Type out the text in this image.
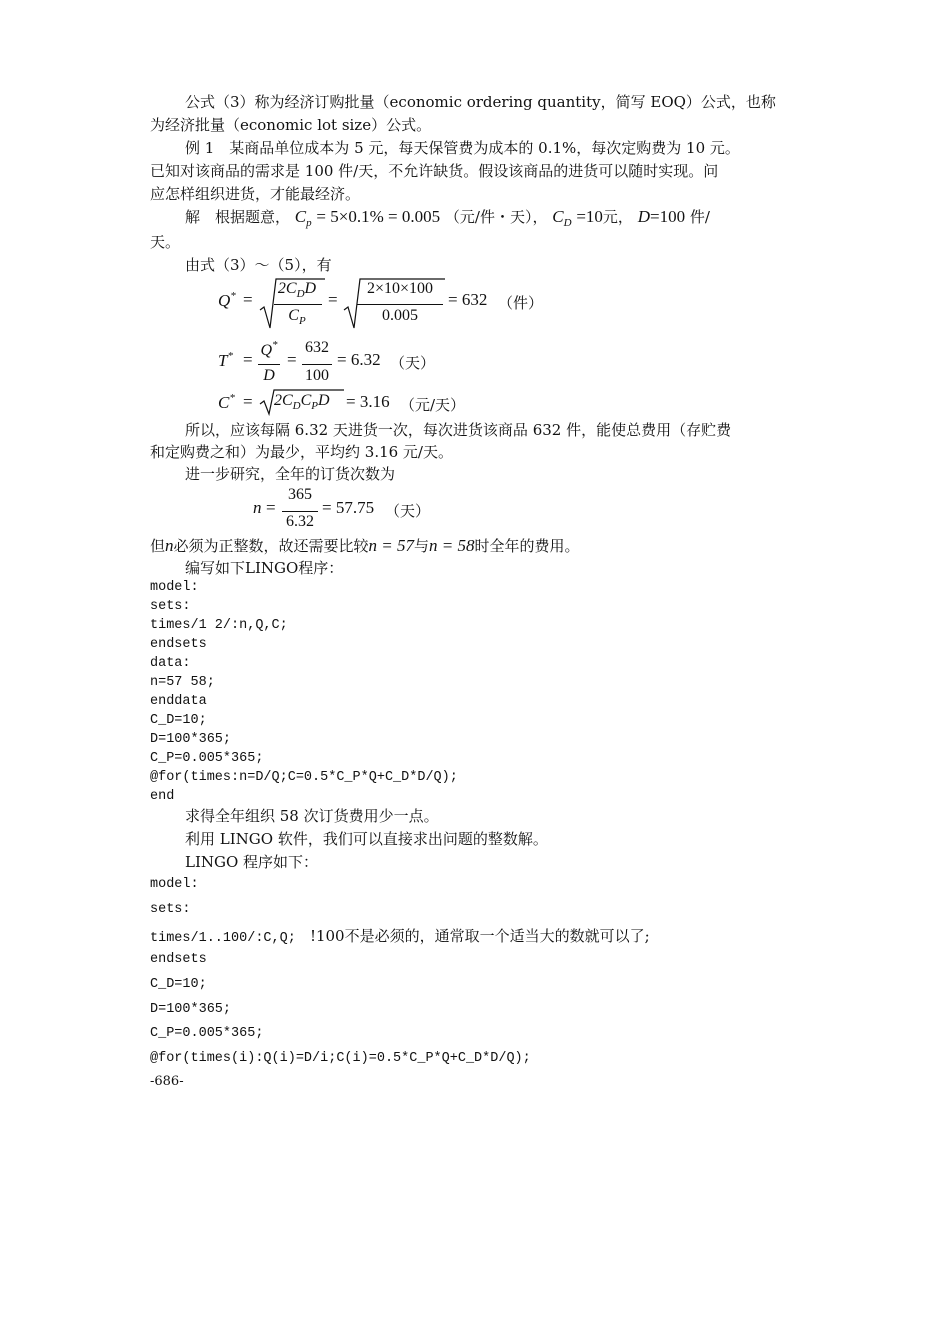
公式（3）称为经济订购批量（economic ordering quantity，简写 EOQ）公式，也称
为经济批量（economic lot size）公式。
例 1　某商品单位成本为 5 元，每天保管费为成本的 0.1%，每次定购费为 10 元。
已知对该商品的需求是 100 件/天，不允许缺货。假设该商品的进货可以随时实现。问
应怎样组织进货，才能最经济。
解　根据题意， $C_p = 5\times 0.1\% = 0.005$ （元/件・天）， $C_D =10$元， D=100 件/
天。
由式（3）～（5），有
Q* =
$2C_DD$
$C_P$
=
2×10×100
0.005
= 632 （件）
T* = Q*
D
=
632
100
= 6.32 （天）
$C^* = 2C_DC_PD = 3.16$ （元/天）
所以，应该每隔 6.32 天进货一次，每次进货该商品 632 件，能使总费用（存贮费
和定购费之和）为最少，平均约 3.16 元/天。
进一步研究，全年的订货次数为
n =
365
6.32
= 57.75 （天）
但n必须为正整数，故还需要比较n = 57与n = 58时全年的费用。
编写如下LINGO程序：
model:
sets:
times/1 2/:n,Q,C;
endsets
data:
n=57 58;
enddata
C_D=10;
D=100*365;
C_P=0.005*365;
@for(times:n=D/Q;C=0.5*C_P*Q+C_D*D/Q);
end
求得全年组织 58 次订货费用少一点。
利用 LINGO 软件，我们可以直接求出问题的整数解。
LINGO 程序如下：
model:
sets:
times/1..100/:C,Q; !100不是必须的，通常取一个适当大的数就可以了;
endsets
C_D=10;
D=100*365;
C_P=0.005*365;
@for(times(i):Q(i)=D/i;C(i)=0.5*C_P*Q+C_D*D/Q);
-686-
